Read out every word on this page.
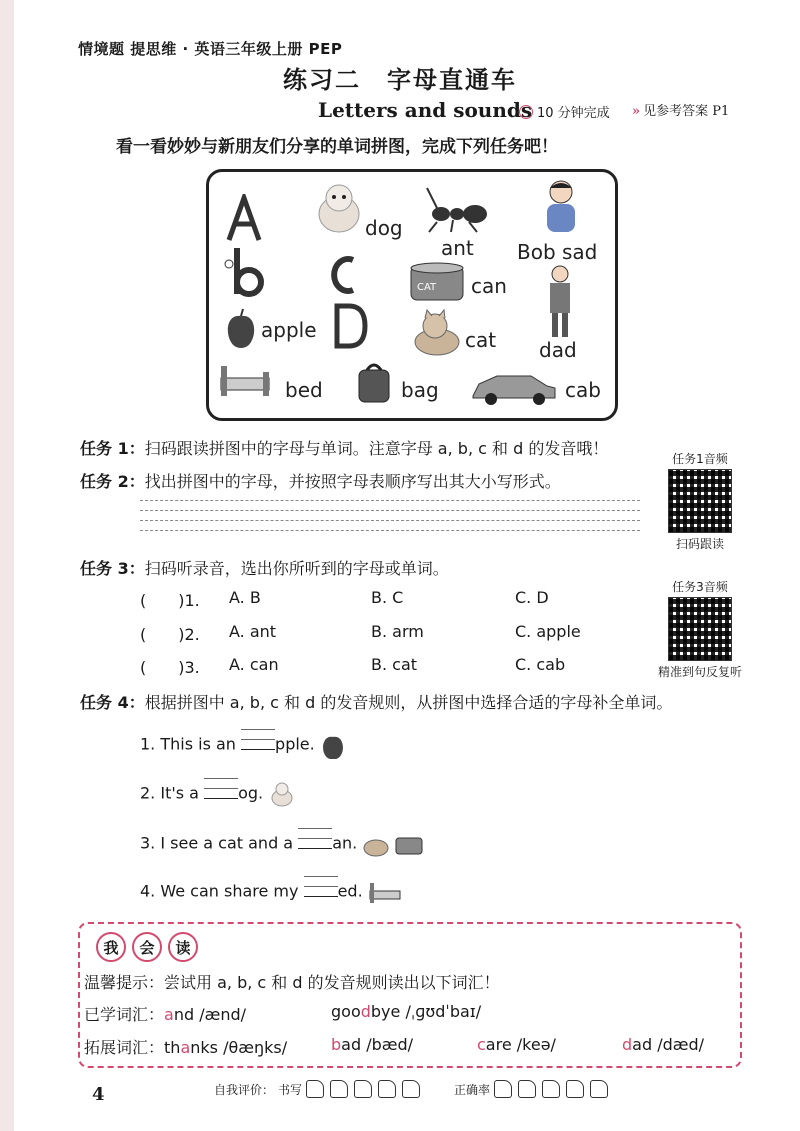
情境题 提思维 · 英语三年级上册 PEP
练习二　字母直通车
Letters and sounds 10 分钟完成 » 见参考答案 P1
看一看妙妙与新朋友们分享的单词拼图，完成下列任务吧！
dog
ant Bob sad
CAT can
dad
apple	cat
bed	bag	cab
任务 1：扫码跟读拼图中的字母与单词。注意字母 a, b, c 和 d 的发音哦！
任务 2：找出拼图中的字母，并按照字母表顺序写出其大小写形式。
任务1音频
扫码跟读
任务 3：扫码听录音，选出你所听到的字母或单词。
(　　)1. A. B	B. C	C. D
(　　)2. A. ant	B. arm	C. apple
(　　)3. A. can	B. cat	C. cab
任务3音频
精准到句反复听
任务 4：根据拼图中 a, b, c 和 d 的发音规则，从拼图中选择合适的字母补全单词。
1. This is an pple.
2. It's a og.
3. I see a cat and a an.
4. We can share my ed.
我	会	读
温馨提示：尝试用 a, b, c 和 d 的发音规则读出以下词汇！
已学词汇：and /ænd/	goodbye /ˌɡʊdˈbaɪ/
拓展词汇：thanks /θæŋks/	bad /bæd/	care /keə/	dad /dæd/
4	自我评价： 书写	正确率
